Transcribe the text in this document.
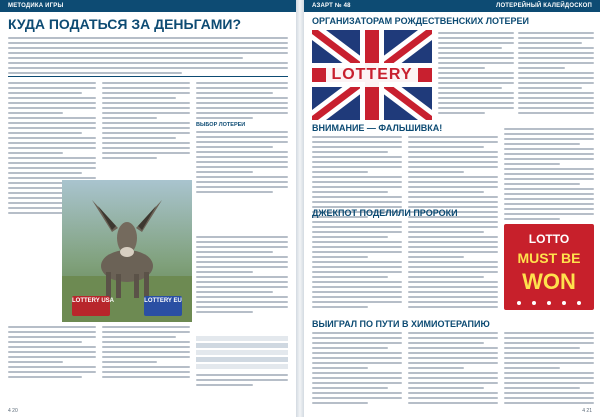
МЕТОДИКА ИГРЫ
КУДА ПОДАТЬСЯ ЗА ДЕНЬГАМИ?
ВЫБОР ЛОТЕРЕИ
LOTTERY USA	LOTTERY EU
4 20
АЗАРТ № 48	ЛОТЕРЕЙНЫЙ КАЛЕЙДОСКОП
ОРГАНИЗАТОРАМ РОЖДЕСТВЕНСКИХ ЛОТЕРЕЙ
LOTTERY
ВНИМАНИЕ — ФАЛЬШИВКА!
ДЖЕКПОТ ПОДЕЛИЛИ ПРОРОКИ
LOTTO
MUST BE
WON
ВЫИГРАЛ ПО ПУТИ В ХИМИОТЕРАПИЮ
4 21
